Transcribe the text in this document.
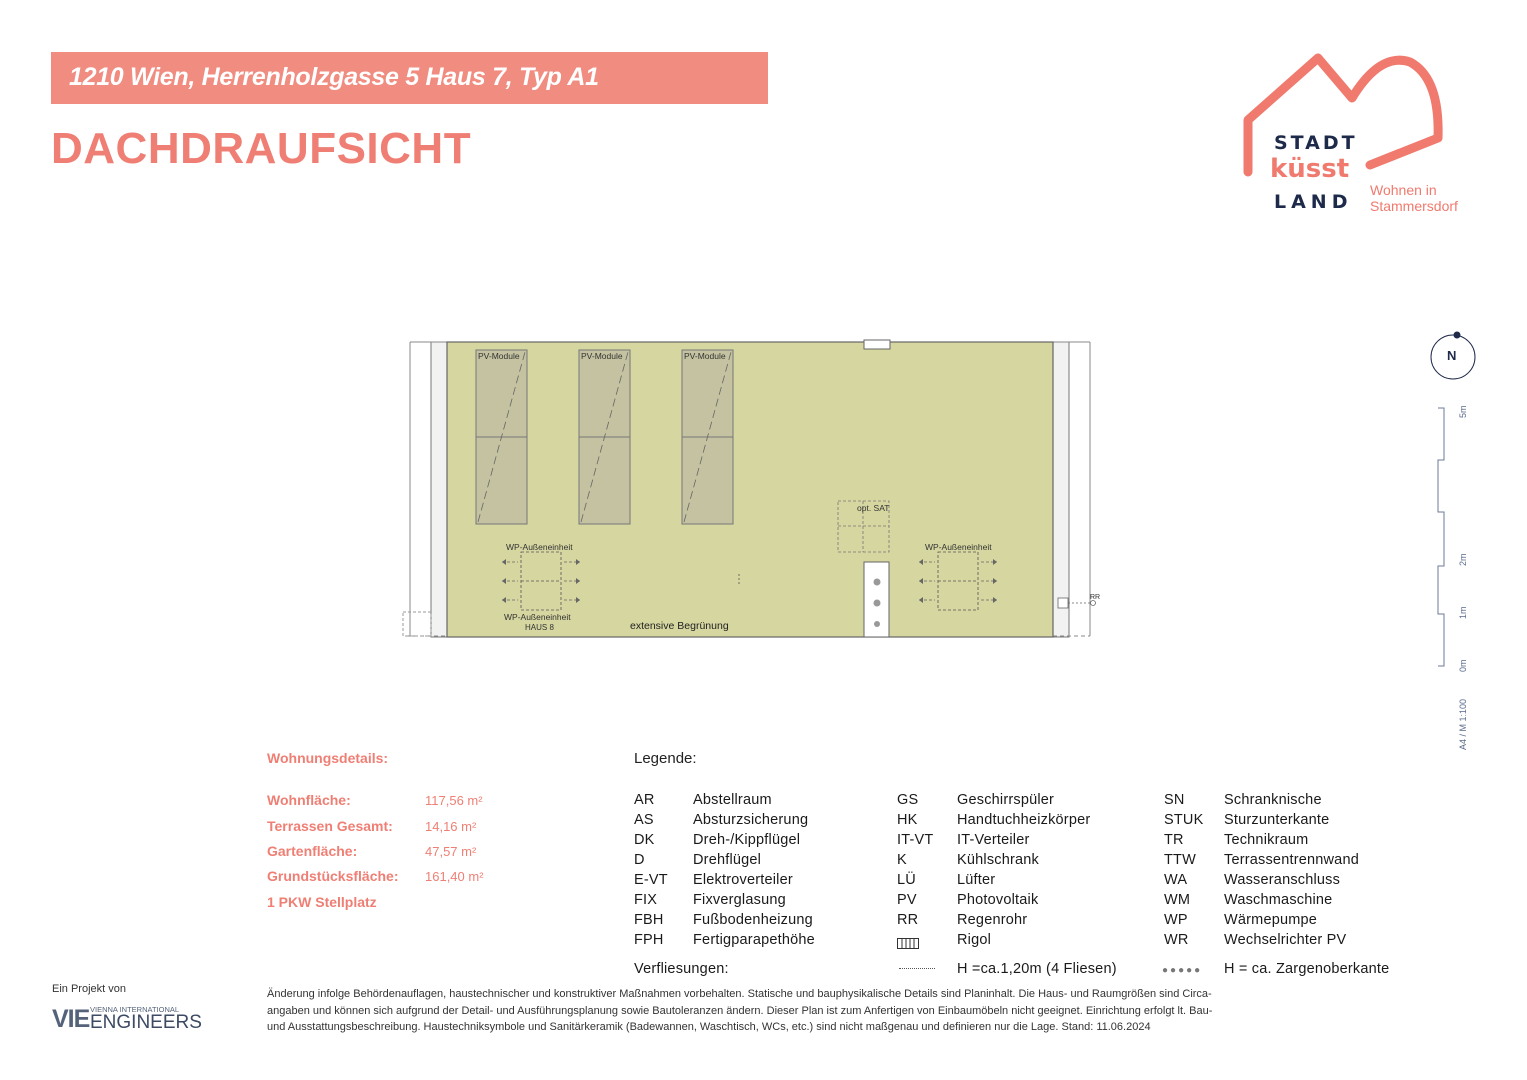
1210 Wien, Herrenholzgasse 5 Haus 7, Typ A1
DACHDRAUFSICHT	STADT
küsst
LAND
Wohnen in
Stammersdorf
PV-Module	PV-Module	PV-Module
opt. SAT
WP-Außeneinheit	WP-Außeneinheit
WP-Außeneinheit
HAUS 8	extensive Begrünung
RR
N
5m
2m
1m
0m
A4 / M 1:100
Wohnungsdetails:
Wohnfläche:	117,56 m²
Terrassen Gesamt: 14,16 m²
Gartenfläche:	47,57 m²
Grundstücksfläche: 161,40 m²
1 PKW Stellplatz
Legende:
AR	Abstellraum
AS	Absturzsicherung
DK	Dreh-/Kippflügel
D	Drehflügel
E-VT Elektroverteiler
FIX Fixverglasung
FBH Fußbodenheizung
FPH Fertigparapethöhe
GS	Geschirrspüler
HK	Handtuchheizkörper
IT-VT IT-Verteiler
K	Kühlschrank
LÜ	Lüfter
PV	Photovoltaik
RR	Regenrohr
Rigol
SN	Schranknische
STUK Sturzunterkante
TR	Technikraum
TTW Terrassentrennwand
WA	Wasseranschluss
WM Waschmaschine
WP Wärmepumpe
WR Wechselrichter PV
Verfliesungen:	H =ca.1,20m (4 Fliesen)	●●●●● H = ca. Zargenoberkante
Ein Projekt von
VIE VIENNA INTERNATIONAL
ENGINEERS
Änderung infolge Behördenauflagen, haustechnischer und konstruktiver Maßnahmen vorbehalten. Statische und bauphysikalische Details sind Planinhalt. Die Haus- und Raumgrößen sind Circa-
angaben und können sich aufgrund der Detail- und Ausführungsplanung sowie Bautoleranzen ändern. Dieser Plan ist zum Anfertigen von Einbaumöbeln nicht geeignet. Einrichtung erfolgt lt. Bau-
und Ausstattungsbeschreibung. Haustechniksymbole und Sanitärkeramik (Badewannen, Waschtisch, WCs, etc.) sind nicht maßgenau und definieren nur die Lage. Stand: 11.06.2024
